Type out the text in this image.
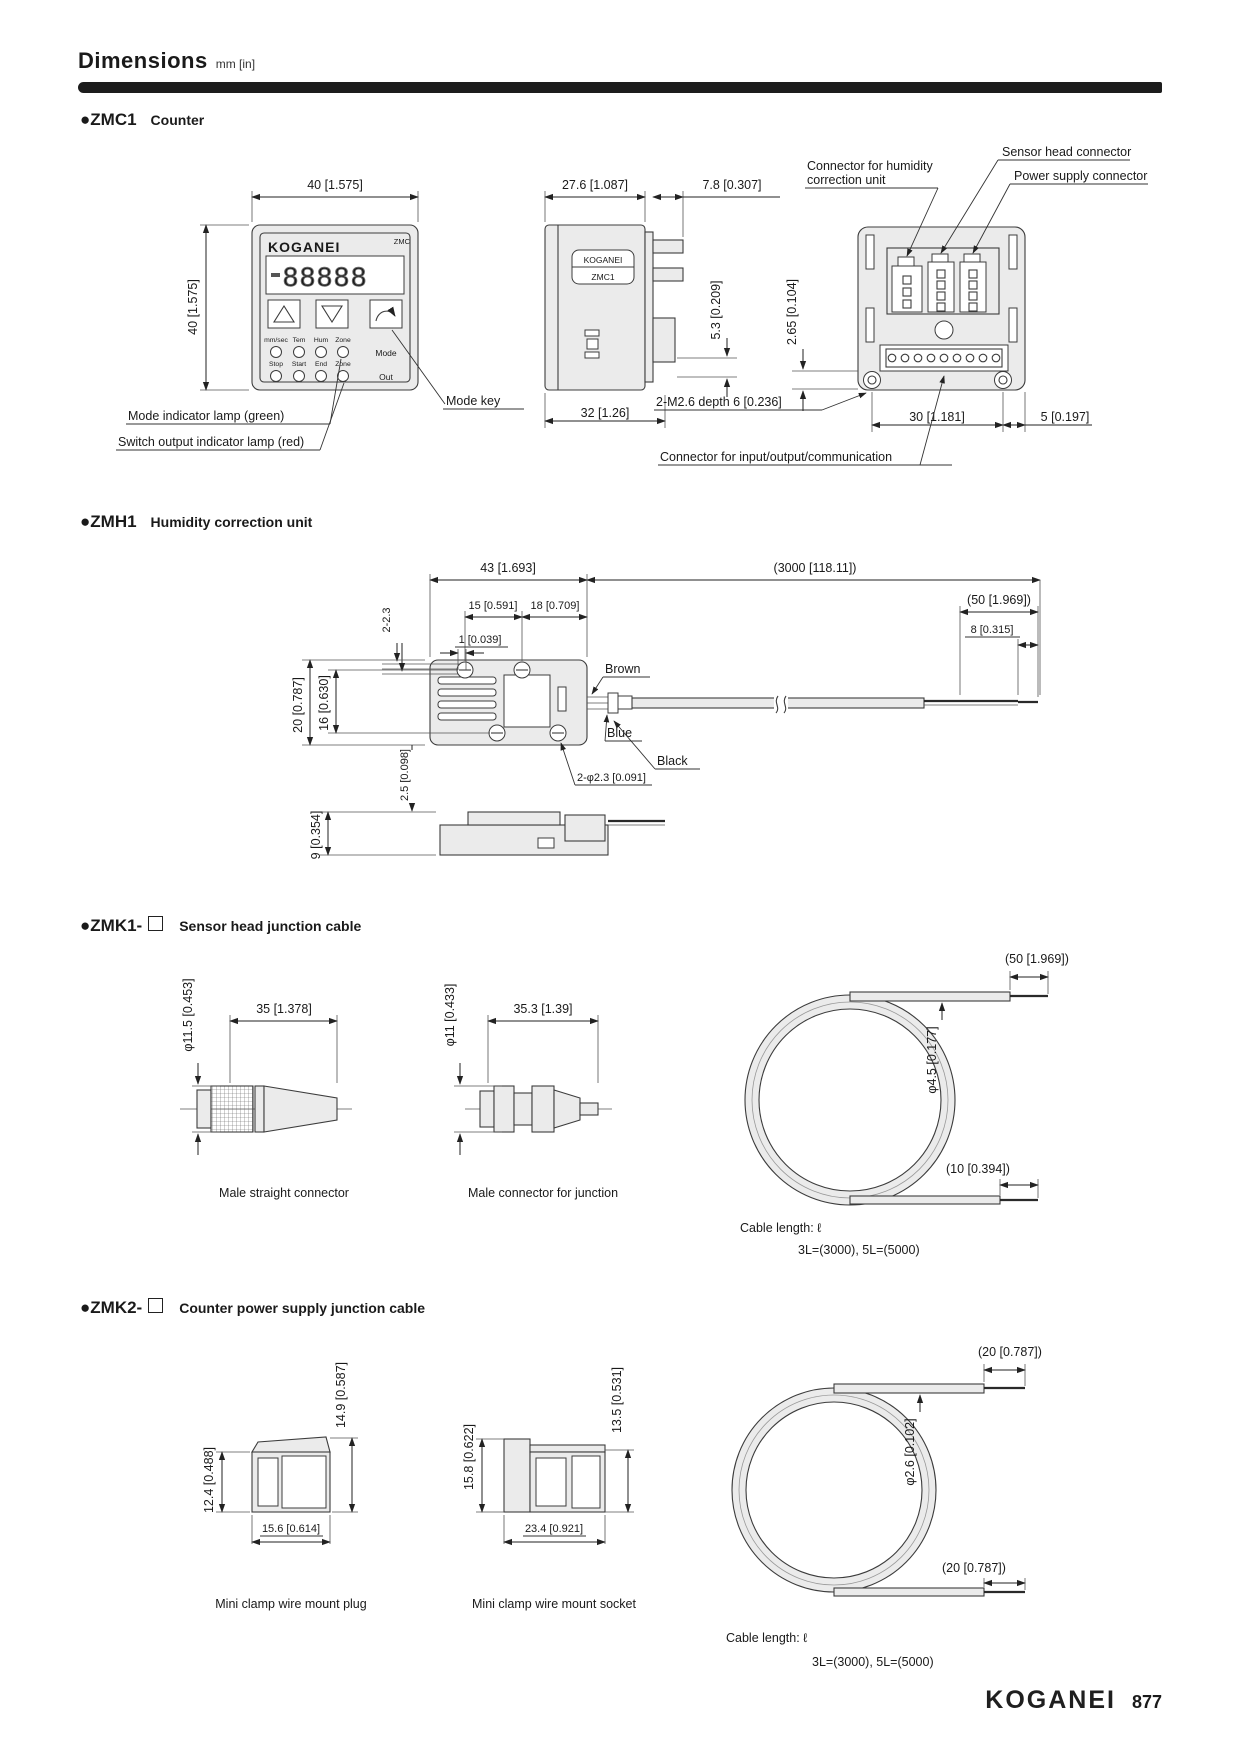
Dimensions mm [in]
●ZMC1 Counter
KOGANEI	ZMC
88888
mm/sec Tem Hum Zone
Mode
Stop Start End Zone
Out
40 [1.575]
40 [1.575]
Mode key
Mode indicator lamp (green)
Switch output indicator lamp (red)
KOGANEI
ZMC1
27.6 [1.087]	7.8 [0.307]
5.3 [0.209]
32 [1.26]
2-M2.6 depth 6 [0.236]
Connector for humidity
correction unit
Sensor head connector
Power supply connector
2.65 [0.104]
30 [1.181]	5 [0.197]
Connector for input/output/communication
●ZMH1 Humidity correction unit
43 [1.693]	(3000 [118.11])
15 [0.591] 18 [0.709]
1 [0.039]
2-2.3
20 [0.787] 16 [0.630]
(50 [1.969])
8 [0.315]
Brown
Blue
Black
2-φ2.3 [0.091]
2.5 [0.098]
9 [0.354]
●ZMK1-	Sensor head junction cable
35 [1.378]
φ11.5 [0.453]
Male straight connector
35.3 [1.39]
φ11 [0.433]
Male connector for junction
(50 [1.969])
φ4.5 [0.177]
(10 [0.394])
Cable length: ℓ
3L=(3000), 5L=(5000)
●ZMK2-	Counter power supply junction cable
14.9 [0.587]
12.4 [0.488]
15.6 [0.614]
Mini clamp wire mount plug
15.8 [0.622]
13.5 [0.531]
23.4 [0.921]
Mini clamp wire mount socket
(20 [0.787])
φ2.6 [0.102]
(20 [0.787])
Cable length: ℓ
3L=(3000), 5L=(5000)
KOGANEI 877
